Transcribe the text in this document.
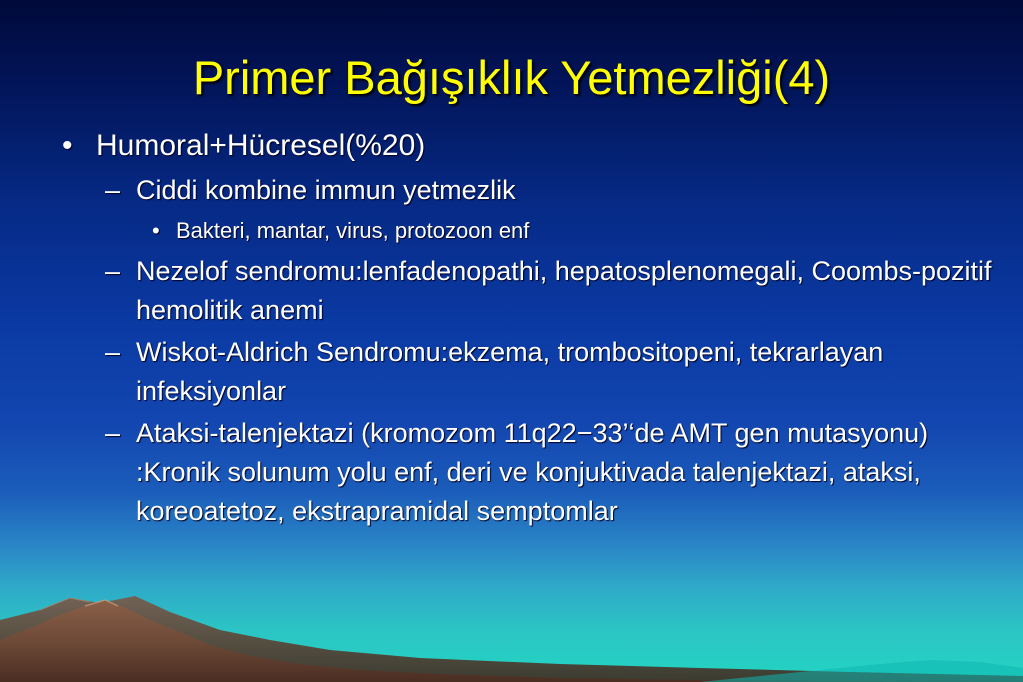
Primer Bağışıklık Yetmezliği(4)
• Humoral+Hücresel(%20)
– Ciddi kombine immun yetmezlik
• Bakteri, mantar, virus, protozoon enf
– Nezelof sendromu:lenfadenopathi, hepatosplenomegali, Coombs-pozitif hemolitik anemi
– Wiskot-Aldrich Sendromu:ekzema, trombositopeni, tekrarlayan infeksiyonlar
– Ataksi-talenjektazi (kromozom 11q22−33’‘de AMT gen mutasyonu) :Kronik solunum yolu enf, deri ve konjuktivada talenjektazi, ataksi, koreoatetoz, ekstrapramidal semptomlar
